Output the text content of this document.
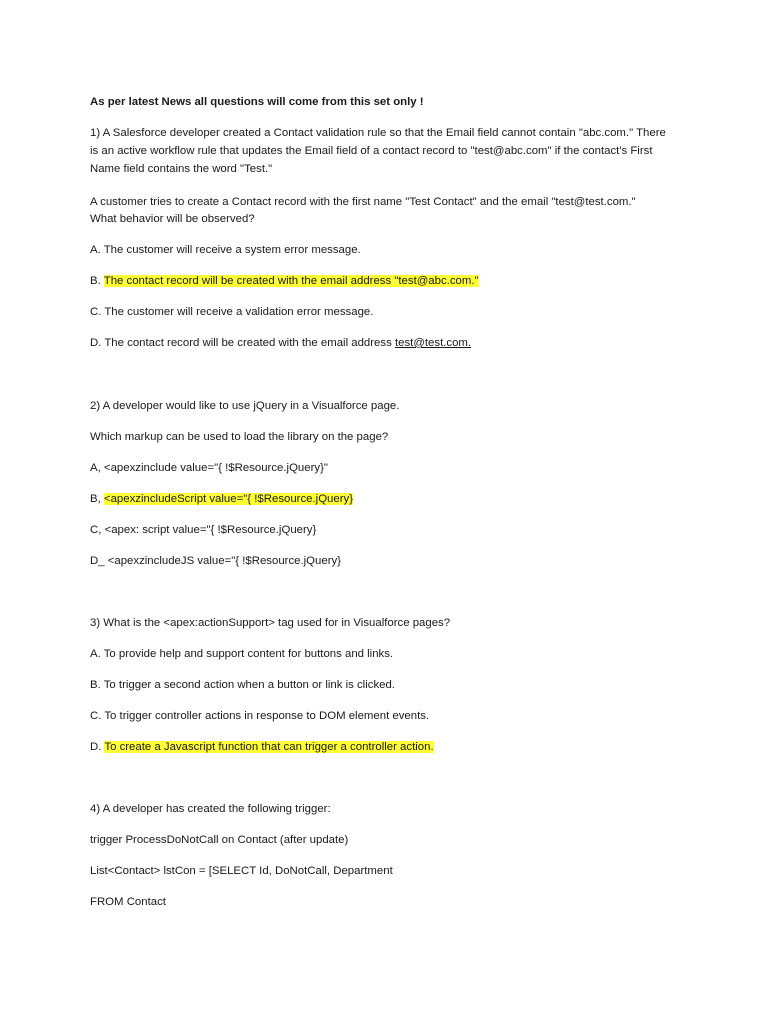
As per latest News all questions will come from this set only !

1) A Salesforce developer created a Contact validation rule so that the Email field cannot contain "abc.com." There

is an active workflow rule that updates the Email field of a contact record to "test@abc.com" if the contact's First

Name field contains the word "Test."

A customer tries to create a Contact record with the first name "Test Contact" and the email "test@test.com."

What behavior will be observed?

A. The customer will receive a system error message.

B. The contact record will be created with the email address "test@abc.com."

C. The customer will receive a validation error message.

D. The contact record will be created with the email address test@test.com.

2) A developer would like to use jQuery in a Visualforce page.

Which markup can be used to load the library on the page?

A, <apexzinclude value="{ !$Resource.jQuery}"

B, <apexzincludeScript value="{ !$Resource.jQuery}

C, <apex: script value="{ !$Resource.jQuery}

D_ <apexzincludeJS value="{ !$Resource.jQuery}

3) What is the <apex:actionSupport> tag used for in Visualforce pages?

A. To provide help and support content for buttons and links.

B. To trigger a second action when a button or link is clicked.

C. To trigger controller actions in response to DOM element events.

D. To create a Javascript function that can trigger a controller action.

4) A developer has created the following trigger:

trigger ProcessDoNotCall on Contact (after update)

List<Contact> lstCon = [SELECT Id, DoNotCall, Department

FROM Contact
